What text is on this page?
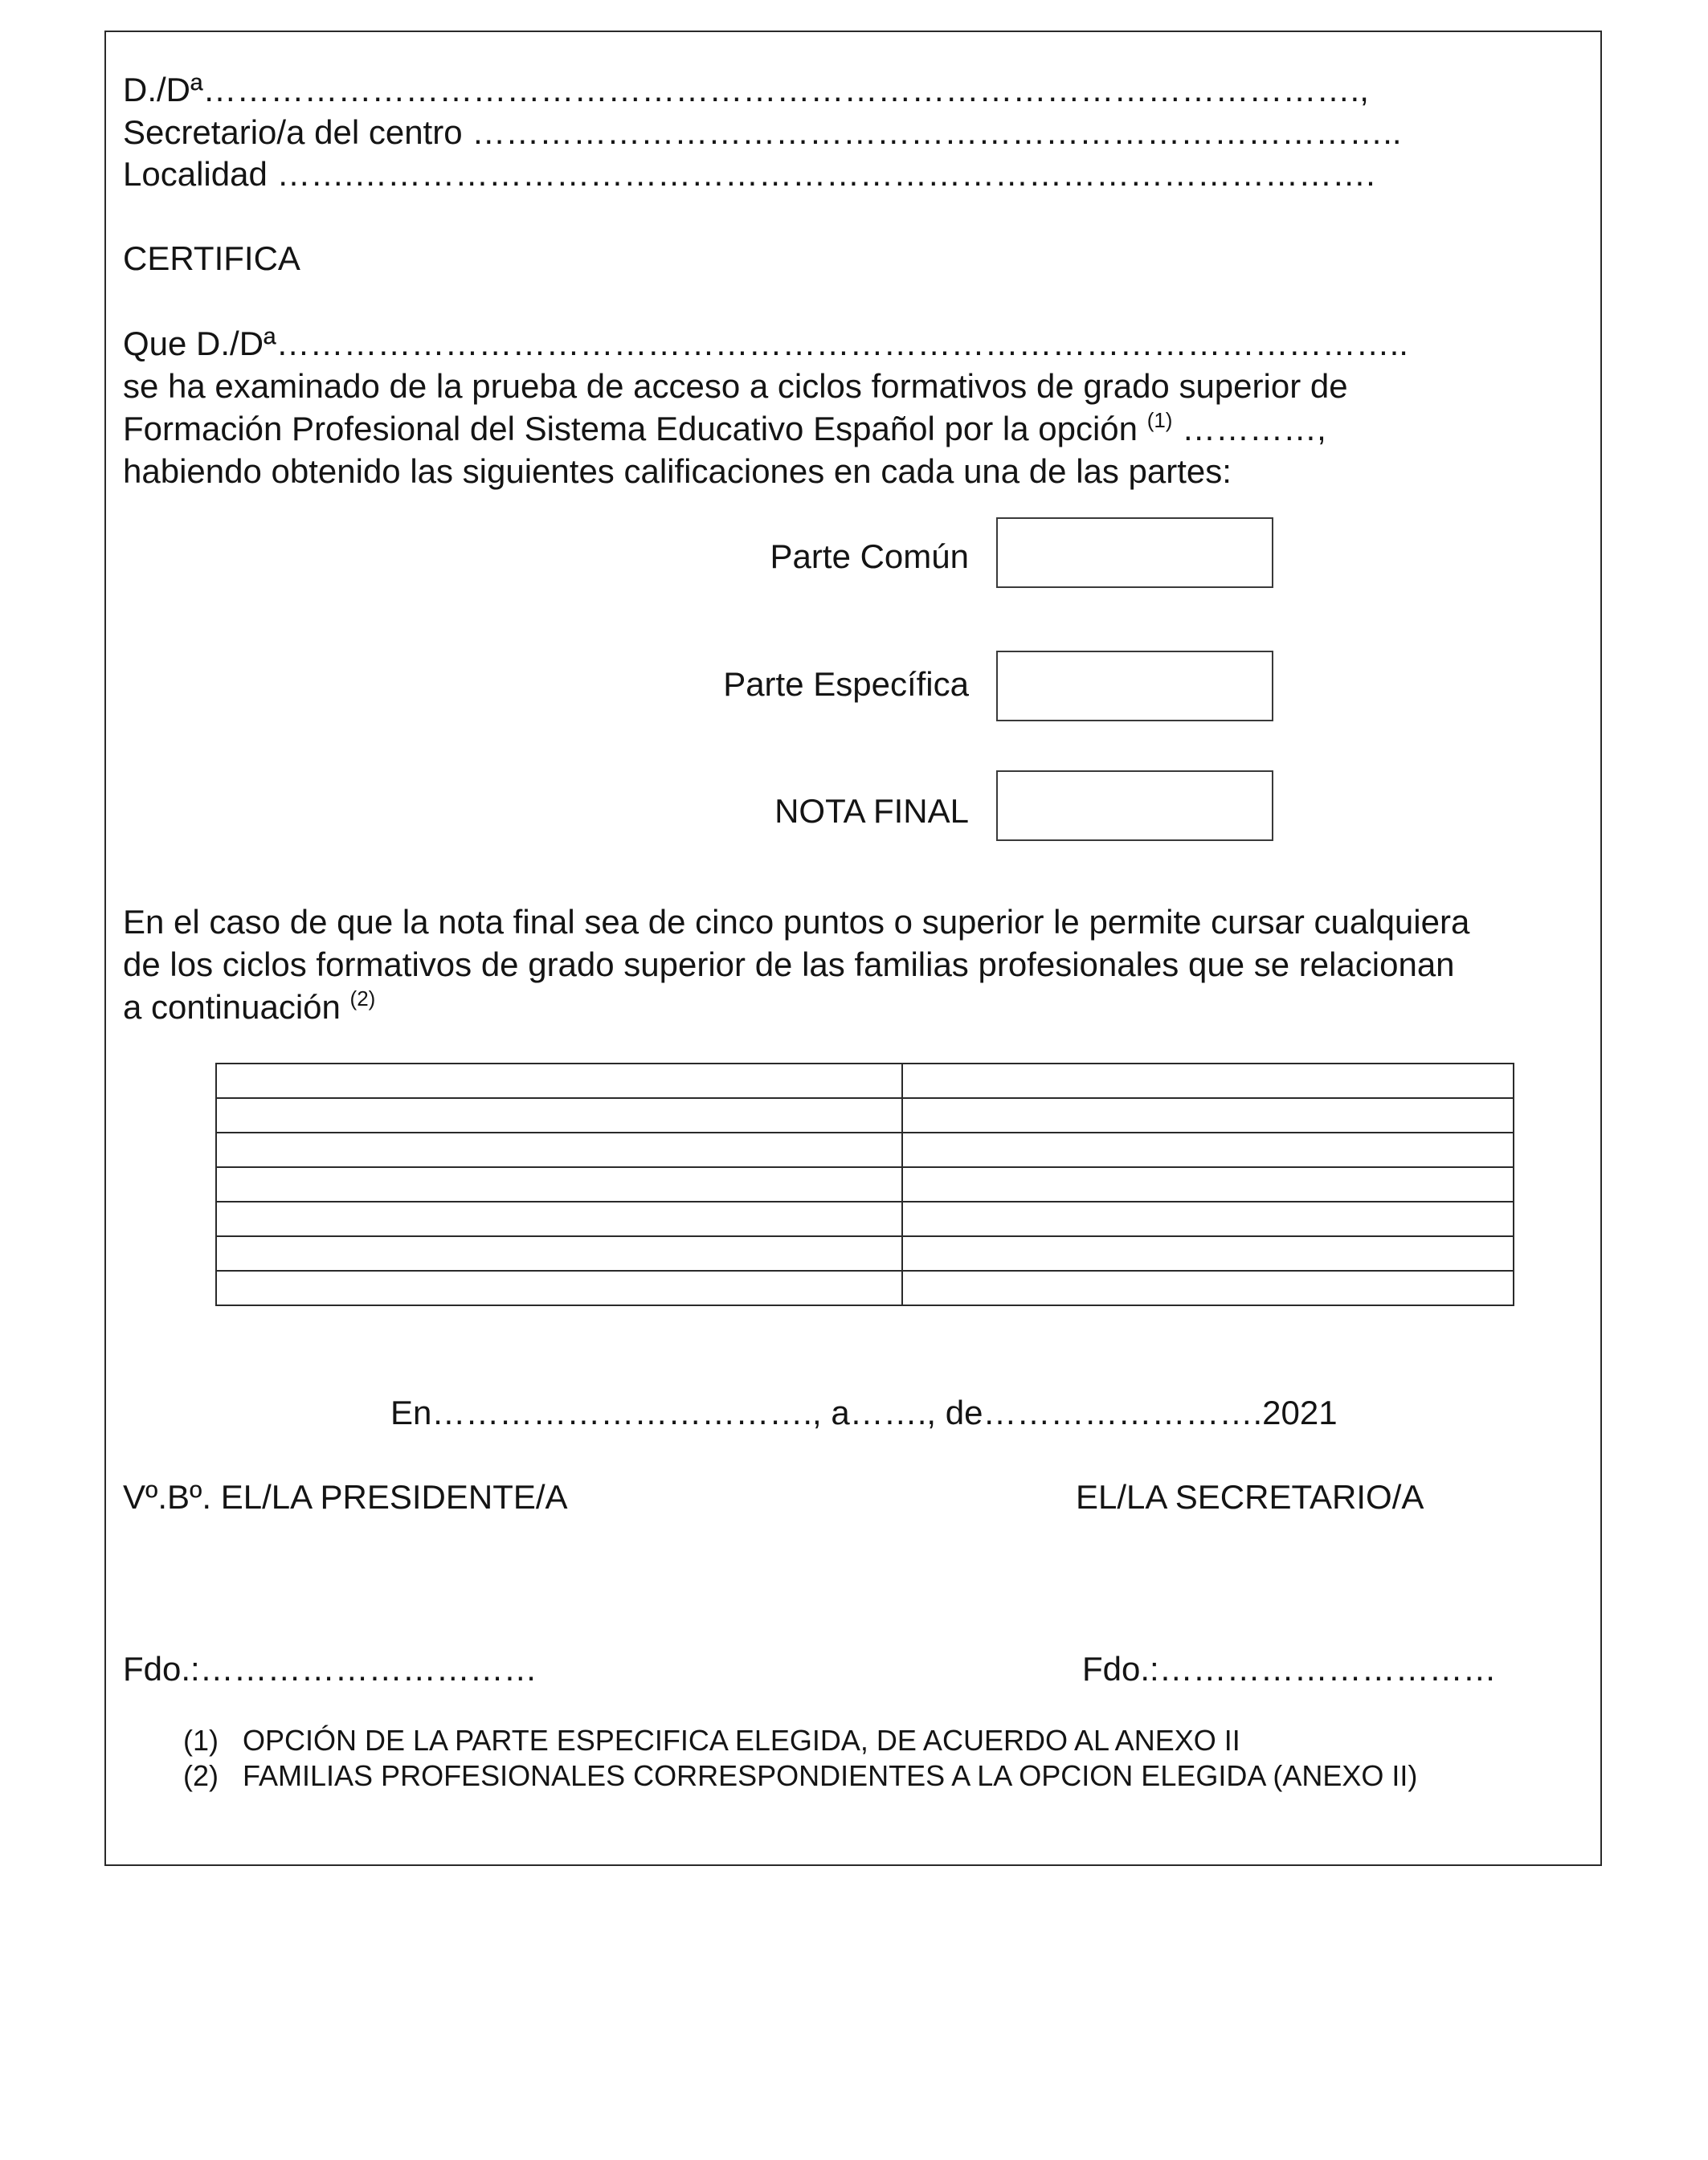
D./Dª………………………………………………………………………………………….,
Secretario/a del centro ………………………………………………………………………..
Localidad …….……………………………………………………………………………….
CERTIFICA
Que D./Dª………………………………………………………………………………………..
se ha examinado de la prueba de acceso a ciclos formativos de grado superior de
Formación Profesional del Sistema Educativo Español por la opción $^{(1)}$ …………,
habiendo obtenido las siguientes calificaciones en cada una de las partes:
Parte Común
Parte Específica
NOTA FINAL
En el caso de que la nota final sea de cinco puntos o superior le permite cursar cualquiera
de los ciclos formativos de grado superior de las familias profesionales que se relacionan
a continuación $^{(2)}$

En……………………………., a……., de…………………….2021
Vº.Bº. EL/LA PRESIDENTE/A	EL/LA SECRETARIO/A
Fdo.:…………………………	Fdo.:…………………………
(1) OPCIÓN DE LA PARTE ESPECIFICA ELEGIDA, DE ACUERDO AL ANEXO II
(2) FAMILIAS PROFESIONALES CORRESPONDIENTES A LA OPCION ELEGIDA (ANEXO II)
